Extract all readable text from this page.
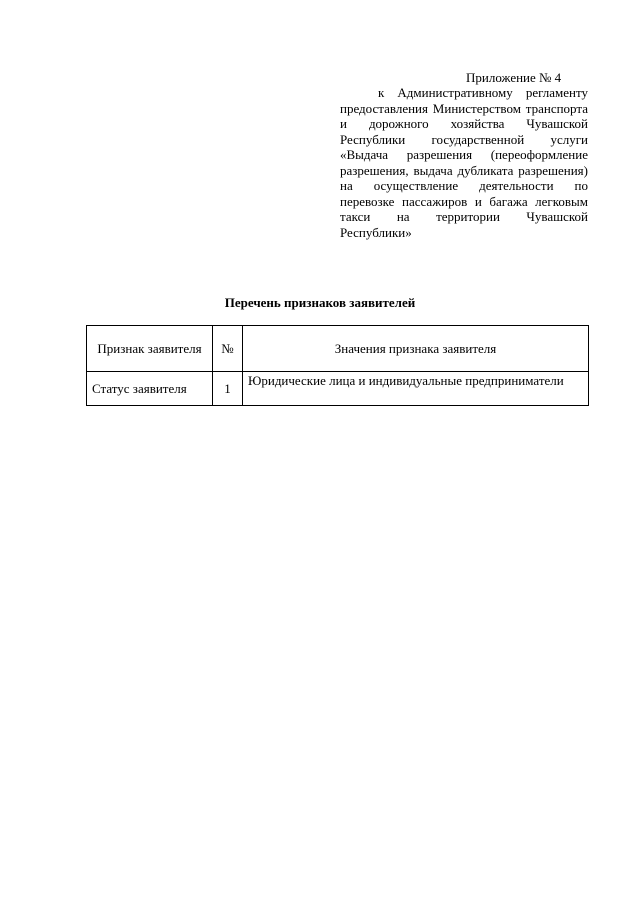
Приложение № 4

к Административному регламенту предоставления Министерством транспорта и дорожного хозяйства Чувашской Республики государственной услуги «Выдача разрешения (переоформление разрешения, выдача дубликата разрешения) на осуществление деятельности по перевозке пассажиров и багажа легковым такси на территории Чувашской Республики»

Перечень признаков заявителей
Признак заявителя	№	Значения признака заявителя
Статус заявителя	1	Юридические лица и индивидуальные предприниматели
